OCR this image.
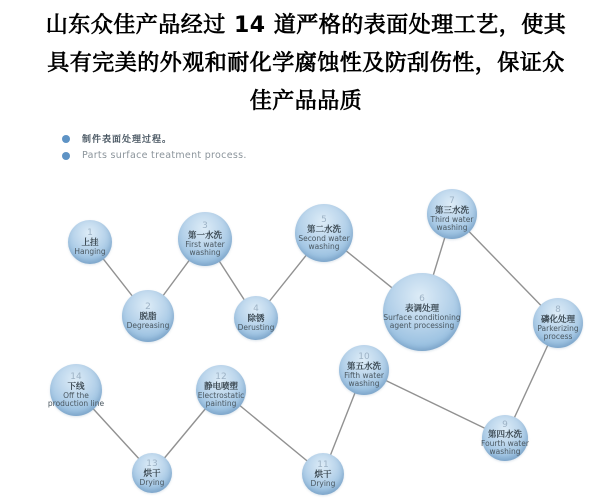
山东众佳产品经过 14 道严格的表面处理工艺，使其
具有完美的外观和耐化学腐蚀性及防刮伤性，保证众
佳产品品质
制件表面处理过程。
Parts surface treatment process.
1
上挂
Hanging
2
脱脂
Degreasing
3
第一水洗
First water washing
4
除锈
Derusting
5
第二水洗
Second water washing
6
表调处理
Surface conditioning agent processing
7
第三水洗
Third water washing
8
磷化处理
Parkerizing process
9
第四水洗
Fourth water washing
10
第五水洗
Fifth water washing
11
烘干
Drying
12
静电喷塑
Electrostatic painting
13
烘干
Drying
14
下线
Off the production line
